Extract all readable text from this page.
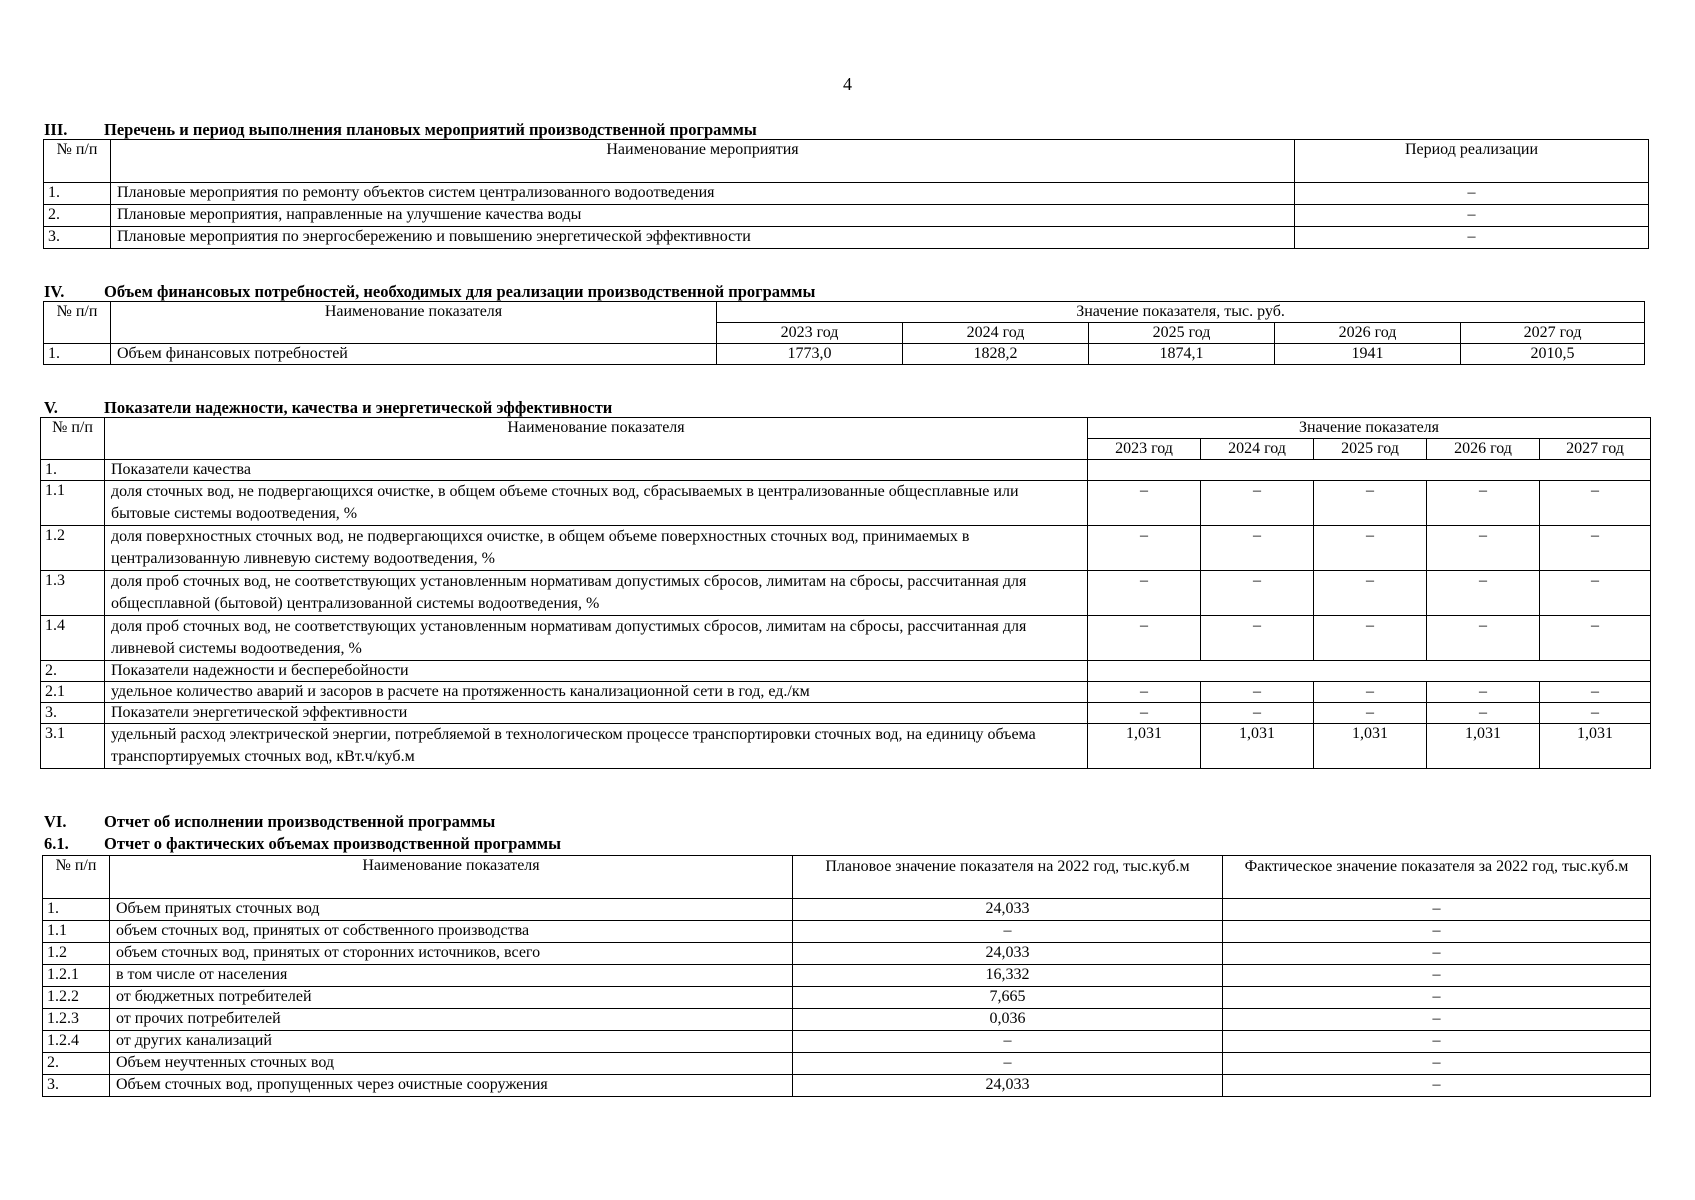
4
III. Перечень и период выполнения плановых мероприятий производственной программы
№ п/п	Наименование мероприятия	Период реализации
1.	Плановые мероприятия по ремонту объектов систем централизованного водоотведения	–
2.	Плановые мероприятия, направленные на улучшение качества воды	–
3.	Плановые мероприятия по энергосбережению и повышению энергетической эффективности	–
IV. Объем финансовых потребностей, необходимых для реализации производственной программы
№ п/п	Наименование показателя	Значение показателя, тыс. руб.				
		2023 год	2024 год	2025 год	2026 год	2027 год
1.	Объем финансовых потребностей	1773,0	1828,2	1874,1	1941	2010,5
V.	Показатели надежности, качества и энергетической эффективности
№ п/п	Наименование показателя	Значение показателя				
		2023 год	2024 год	2025 год	2026 год	2027 год
1.	Показатели качества					
1.1	доля сточных вод, не подвергающихся очистке, в общем объеме сточных вод, сбрасываемых в централизованные общесплавные или бытовые системы водоотведения, %	–	–	–	–	–
1.2	доля поверхностных сточных вод, не подвергающихся очистке, в общем объеме поверхностных сточных вод, принимаемых в централизованную ливневую систему водоотведения, %	–	–	–	–	–
1.3	доля проб сточных вод, не соответствующих установленным нормативам допустимых сбросов, лимитам на сбросы, рассчитанная для общесплавной (бытовой) централизованной системы водоотведения, %	–	–	–	–	–
1.4	доля проб сточных вод, не соответствующих установленным нормативам допустимых сбросов, лимитам на сбросы, рассчитанная для ливневой системы водоотведения, %	–	–	–	–	–
2.	Показатели надежности и бесперебойности					
2.1	удельное количество аварий и засоров в расчете на протяженность канализационной сети в год, ед./км	–	–	–	–	–
3.	Показатели энергетической эффективности	–	–	–	–	–
3.1	удельный расход электрической энергии, потребляемой в технологическом процессе транспортировки сточных вод, на единицу объема транспортируемых сточных вод, кВт.ч/куб.м	1,031	1,031	1,031	1,031	1,031
VI. Отчет об исполнении производственной программы
6.1. Отчет о фактических объемах производственной программы
№ п/п	Наименование показателя	Плановое значение показателя на 2022 год, тыс.куб.м	Фактическое значение показателя за 2022 год, тыс.куб.м
1.	Объем принятых сточных вод	24,033	–
1.1	объем сточных вод, принятых от собственного производства	–	–
1.2	объем сточных вод, принятых от сторонних источников, всего	24,033	–
1.2.1	в том числе от населения	16,332	–
1.2.2	от бюджетных потребителей	7,665	–
1.2.3	от прочих потребителей	0,036	–
1.2.4	от других канализаций	–	–
2.	Объем неучтенных сточных вод	–	–
3.	Объем сточных вод, пропущенных через очистные сооружения	24,033	–
